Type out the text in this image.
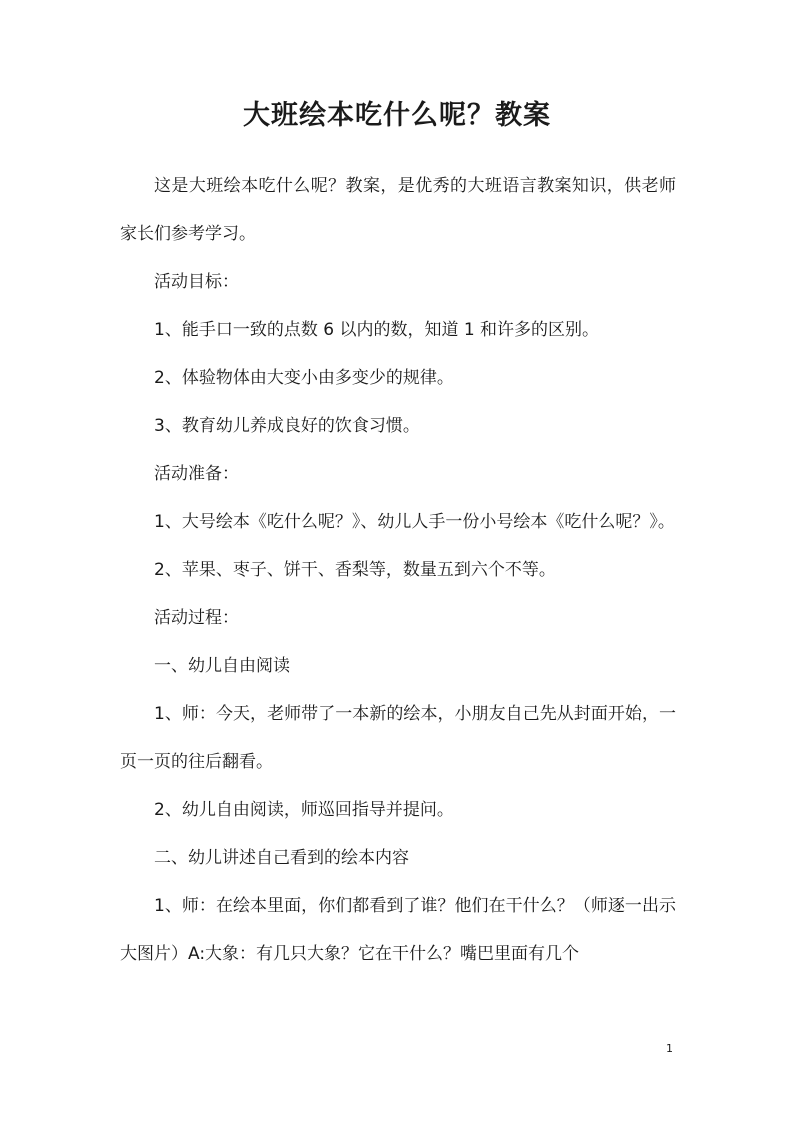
大班绘本吃什么呢？教案

这是大班绘本吃什么呢？教案，是优秀的大班语言教案知识，供老师家长们参考学习。

活动目标：

1、能手口一致的点数 6 以内的数，知道 1 和许多的区别。

2、体验物体由大变小由多变少的规律。

3、教育幼儿养成良好的饮食习惯。

活动准备：

1、大号绘本《吃什么呢？》、幼儿人手一份小号绘本《吃什么呢？》。

2、苹果、枣子、饼干、香梨等，数量五到六个不等。

活动过程：

一、幼儿自由阅读

1、师：今天，老师带了一本新的绘本，小朋友自己先从封面开始，一页一页的往后翻看。

2、幼儿自由阅读，师巡回指导并提问。

二、幼儿讲述自己看到的绘本内容

1、师：在绘本里面，你们都看到了谁？他们在干什么？（师逐一出示大图片）A:大象：有几只大象？它在干什么？嘴巴里面有几个

1
